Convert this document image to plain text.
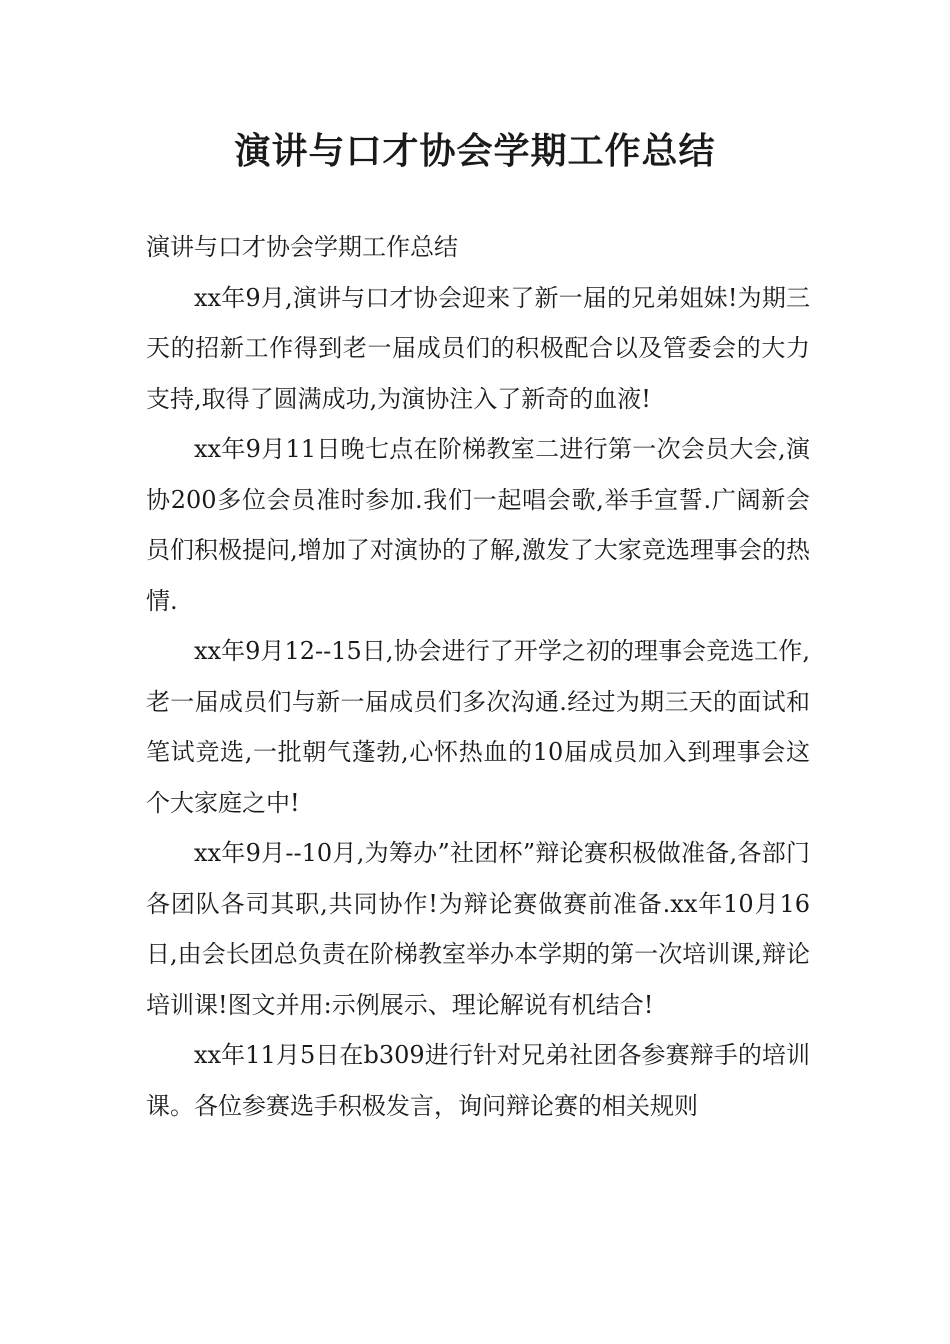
演讲与口才协会学期工作总结

演讲与口才协会学期工作总结

xx年9月,演讲与口才协会迎来了新一届的兄弟姐妹!为期三天的招新工作得到老一届成员们的积极配合以及管委会的大力支持,取得了圆满成功,为演协注入了新奇的血液!

xx年9月11日晚七点在阶梯教室二进行第一次会员大会,演协200多位会员准时参加.我们一起唱会歌,举手宣誓.广阔新会员们积极提问,增加了对演协的了解,激发了大家竞选理事会的热情.

xx年9月12--15日,协会进行了开学之初的理事会竞选工作,老一届成员们与新一届成员们多次沟通.经过为期三天的面试和笔试竞选,一批朝气蓬勃,心怀热血的10届成员加入到理事会这个大家庭之中!

xx年9月--10月,为筹办”社团杯”辩论赛积极做准备,各部门各团队各司其职,共同协作!为辩论赛做赛前准备.xx年10月16日,由会长团总负责在阶梯教室举办本学期的第一次培训课,辩论培训课!图文并用:示例展示、理论解说有机结合!

xx年11月5日在b309进行针对兄弟社团各参赛辩手的培训课。各位参赛选手积极发言，询问辩论赛的相关规则
